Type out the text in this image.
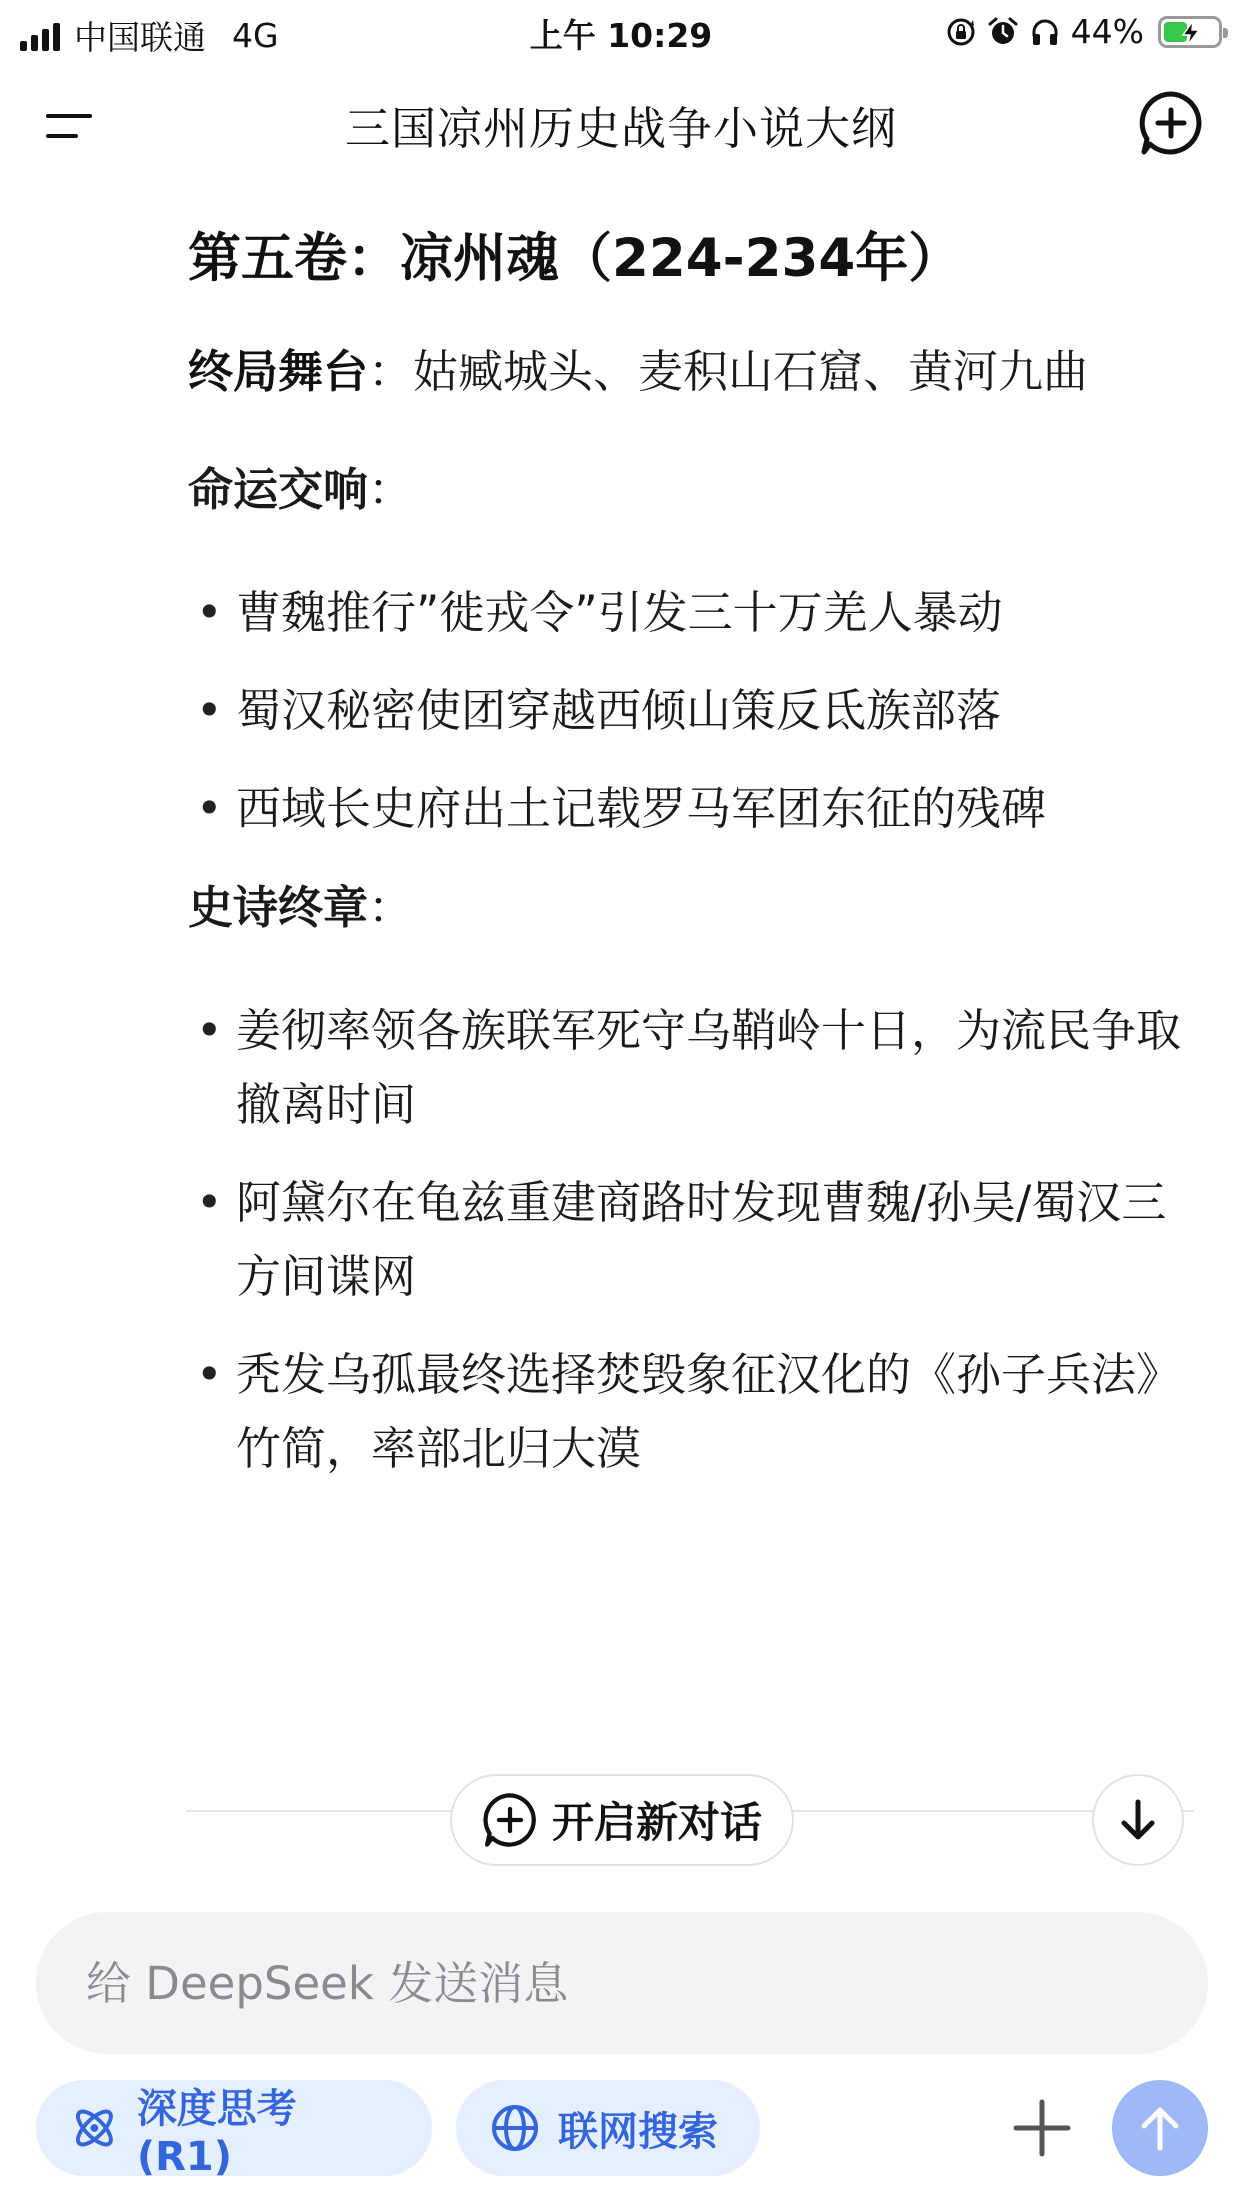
中国联通 4G	上午 10:29	44%
三国凉州历史战争小说大纲
第五卷：凉州魂（224-234年）
终局舞台：姑臧城头、麦积山石窟、黄河九曲
命运交响：
• 曹魏推行”徙戎令”引发三十万羌人暴动
• 蜀汉秘密使团穿越西倾山策反氐族部落
• 西域长史府出土记载罗马军团东征的残碑
史诗终章：
• 姜彻率领各族联军死守乌鞘岭十日，为流民争取撤离时间
• 阿黛尔在龟兹重建商路时发现曹魏/孙吴/蜀汉三方间谍网
• 秃发乌孤最终选择焚毁象征汉化的《孙子兵法》竹简，率部北归大漠
开启新对话
给 DeepSeek 发送消息
深度思考 (R1)
联网搜索
